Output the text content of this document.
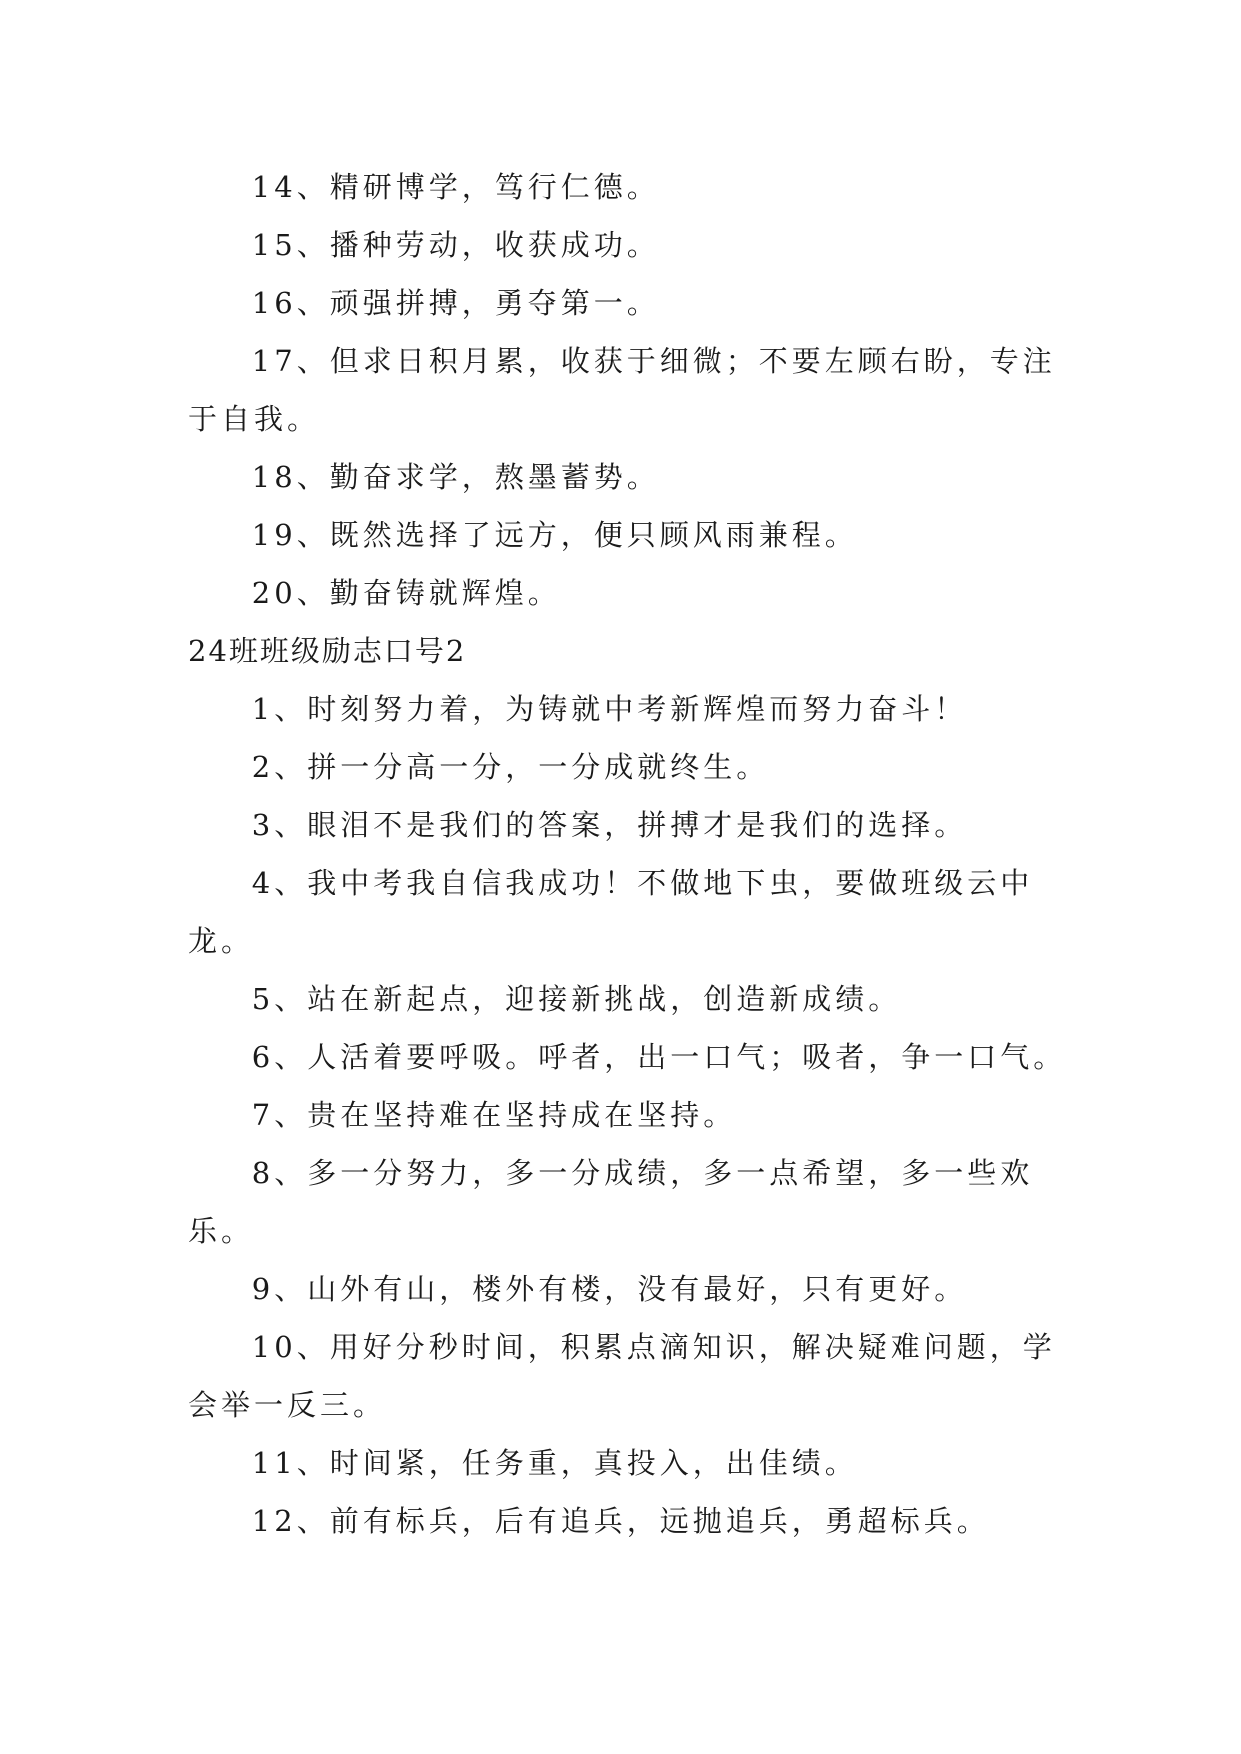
14、精研博学，笃行仁德。

15、播种劳动，收获成功。

16、顽强拼搏，勇夺第一。

17、但求日积月累，收获于细微；不要左顾右盼，专注于自我。

18、勤奋求学，熬墨蓄势。

19、既然选择了远方，便只顾风雨兼程。

20、勤奋铸就辉煌。

24班班级励志口号2

1、时刻努力着，为铸就中考新辉煌而努力奋斗！

2、拼一分高一分，一分成就终生。

3、眼泪不是我们的答案，拼搏才是我们的选择。

4、我中考我自信我成功！不做地下虫，要做班级云中龙。

5、站在新起点，迎接新挑战，创造新成绩。

6、人活着要呼吸。呼者，出一口气；吸者，争一口气。

7、贵在坚持难在坚持成在坚持。

8、多一分努力，多一分成绩，多一点希望，多一些欢乐。

9、山外有山，楼外有楼，没有最好，只有更好。

10、用好分秒时间，积累点滴知识，解决疑难问题，学会举一反三。

11、时间紧，任务重，真投入，出佳绩。

12、前有标兵，后有追兵，远抛追兵，勇超标兵。
